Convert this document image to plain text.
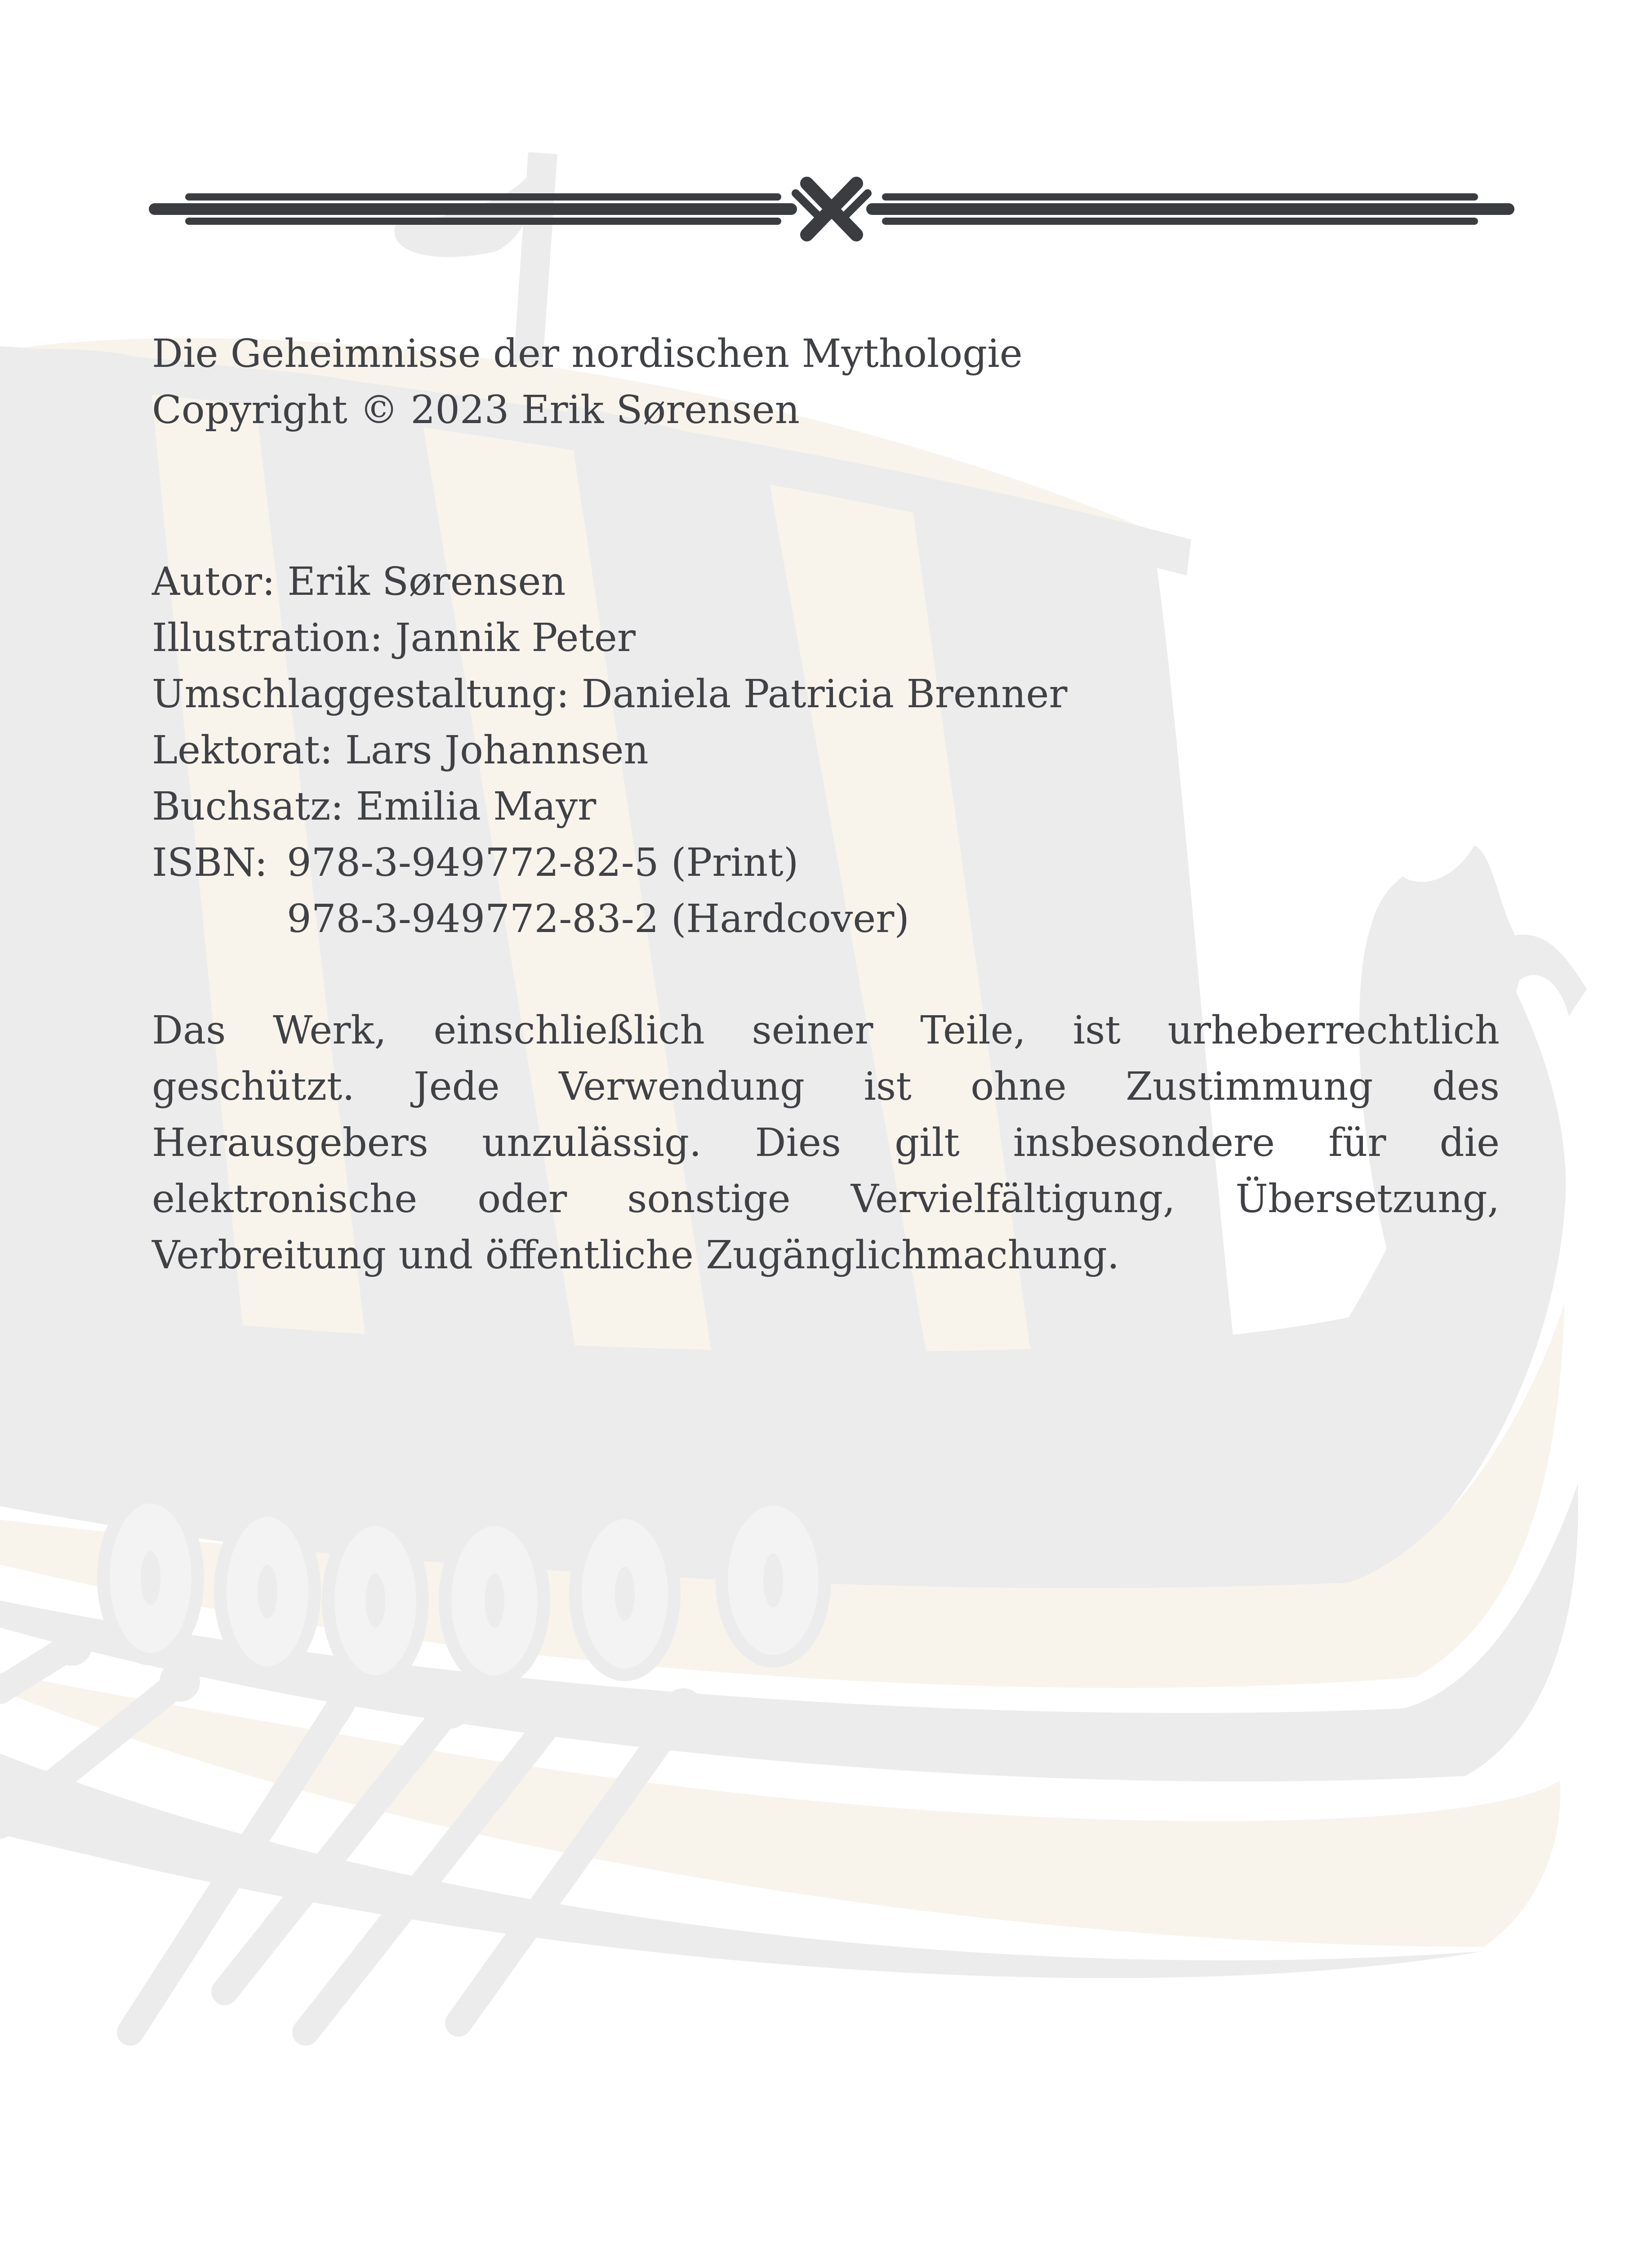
Die Geheimnisse der nordischen Mythologie
Copyright © 2023 Erik Sørensen
Autor: Erik Sørensen
Illustration: Jannik Peter
Umschlaggestaltung: Daniela Patricia Brenner
Lektorat: Lars Johannsen
Buchsatz: Emilia Mayr
ISBN: 978-3-949772-82-5 (Print)
978-3-949772-83-2 (Hardcover)
Das Werk, einschließlich seiner Teile, ist urheberrechtlich geschützt. Jede Verwendung ist ohne Zustimmung des Herausgebers unzulässig. Dies gilt insbesondere für die elektronische oder sonstige Vervielfältigung, Übersetzung, Verbreitung und öffentliche Zugänglichmachung.
